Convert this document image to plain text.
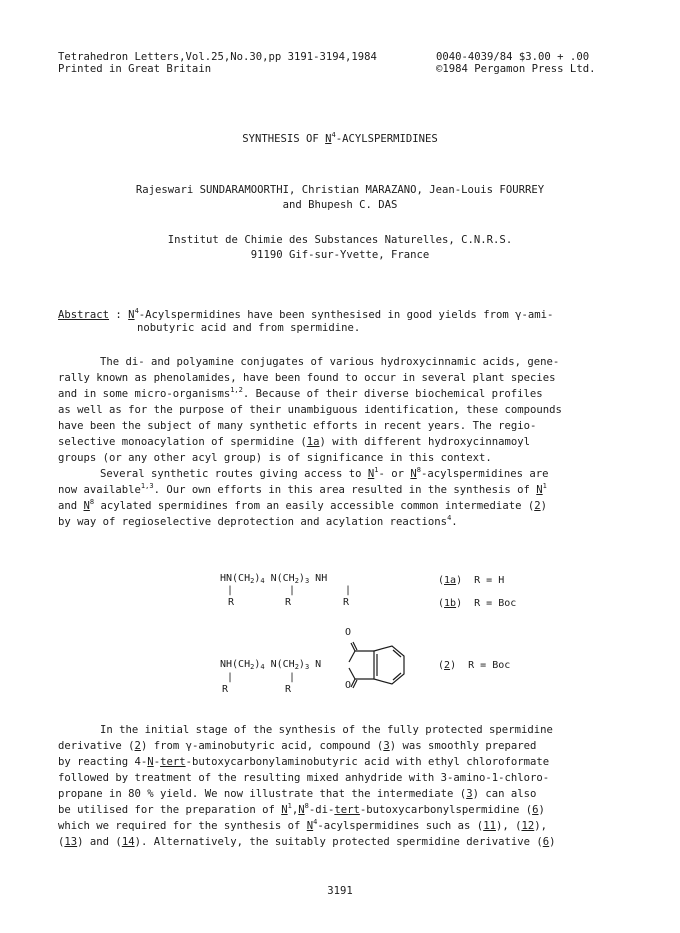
Tetrahedron Letters,Vol.25,No.30,pp 3191-3194,1984	0040-4039/84 $3.00 + .00
Printed in Great Britain	©1984 Pergamon Press Ltd.
SYNTHESIS OF $N^4$-ACYLSPERMIDINES
Rajeswari SUNDARAMOORTHI, Christian MARAZANO, Jean-Louis FOURREY
and Bhupesh C. DAS
Institut de Chimie des Substances Naturelles, C.N.R.S.
91190 Gif-sur-Yvette, France
Abstract : $N^4$-Acylspermidines have been synthesised in good yields from γ-ami-
nobutyric acid and from spermidine.
The di- and polyamine conjugates of various hydroxycinnamic acids, gene-
rally known as phenolamides, have been found to occur in several plant species
and in some micro-organisms$^{1,2}$. Because of their diverse biochemical profiles
as well as for the purpose of their unambiguous identification, these compounds
have been the subject of many synthetic efforts in recent years. The regio-
selective monoacylation of spermidine (1a) with different hydroxycinnamoyl
groups (or any other acyl group) is of significance in this context.
Several synthetic routes giving access to $N^1-$ or $N^8$-acylspermidines are
now available$^{1,3}$. Our own efforts in this area resulted in the synthesis of $N^1$
and $N^8$ acylated spermidines from an easily accessible common intermediate (2)
by way of regioselective deprotection and acylation reactions$^4$.
$HN(CH_2)_4$ $N(CH_2)_3$ NH
|	|	|
R	R	R
(1a)  R = H
(1b)  R = Boc
$NH(CH_2)_4$ $N(CH_2)_3$ N
|	|
R	R
O
O
(2)  R = Boc
In the initial stage of the synthesis of the fully protected spermidine
derivative (2) from γ-aminobutyric acid, compound (3) was smoothly prepared
by reacting 4-N-tert-butoxycarbonylaminobutyric acid with ethyl chloroformate
followed by treatment of the resulting mixed anhydride with 3-amino-1-chloro-
propane in 80 % yield. We now illustrate that the intermediate (3) can also
be utilised for the preparation of $N^1,N^8-di-tert$-butoxycarbonylspermidine (6)
which we required for the synthesis of $N^4$-acylspermidines such as (11), (12),
(13) and (14). Alternatively, the suitably protected spermidine derivative (6)
3191
